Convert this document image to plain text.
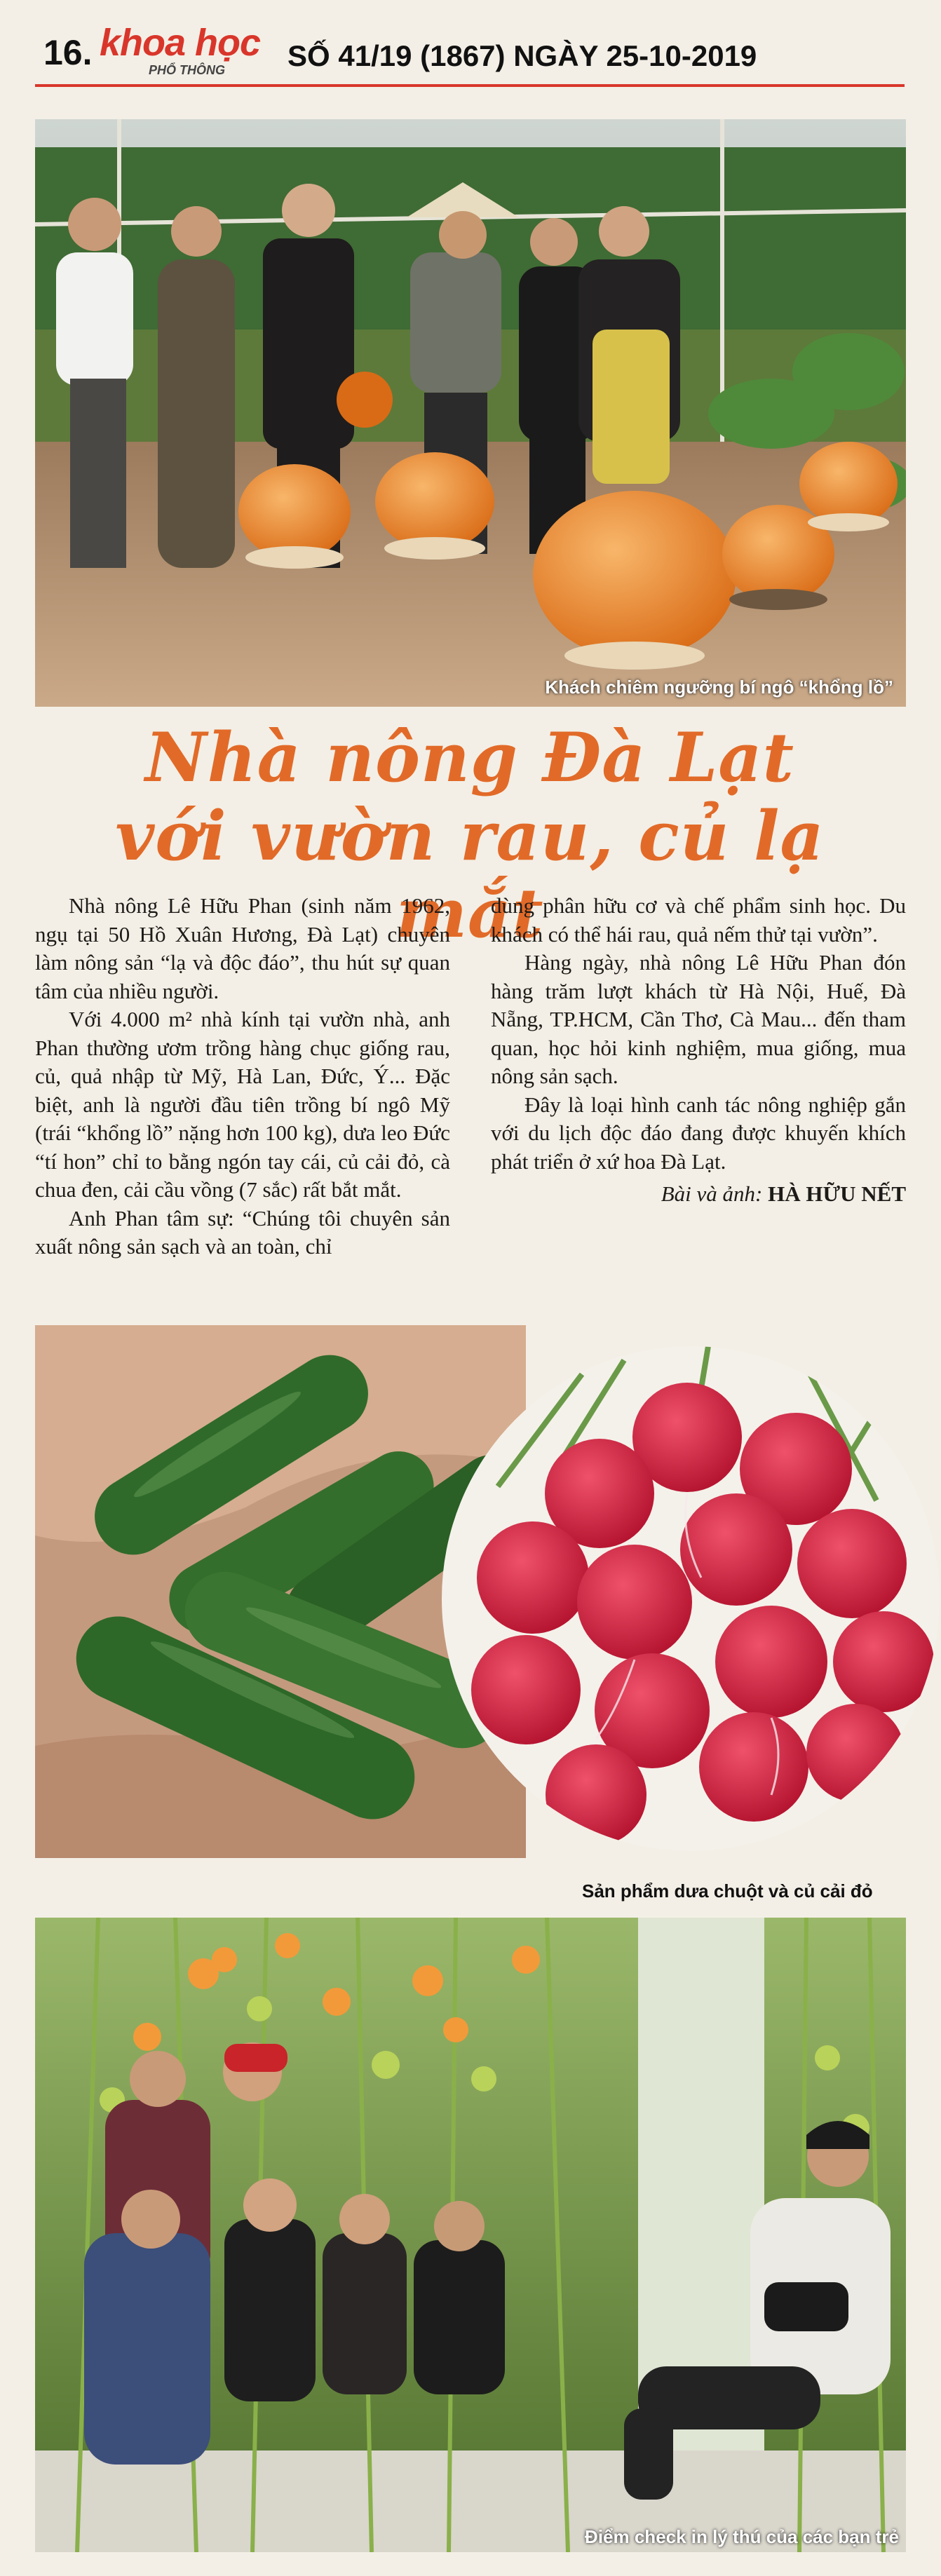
16. khoa học
PHỔ THÔNG SỐ 41/19 (1867) NGÀY 25-10-2019
Khách chiêm ngưỡng bí ngô “khổng lồ”
Nhà nông Đà Lạt
với vườn rau, củ lạ mắt

Nhà nông Lê Hữu Phan (sinh năm 1962, ngụ tại 50 Hồ Xuân Hương, Đà Lạt) chuyên làm nông sản “lạ và độc đáo”, thu hút sự quan tâm của nhiều người.

Với 4.000 m² nhà kính tại vườn nhà, anh Phan thường ươm trồng hàng chục giống rau, củ, quả nhập từ Mỹ, Hà Lan, Đức, Ý... Đặc biệt, anh là người đầu tiên trồng bí ngô Mỹ (trái “khổng lồ” nặng hơn 100 kg), dưa leo Đức “tí hon” chỉ to bằng ngón tay cái, củ cải đỏ, cà chua đen, cải cầu vồng (7 sắc) rất bắt mắt.

Anh Phan tâm sự: “Chúng tôi chuyên sản xuất nông sản sạch và an toàn, chỉ

dùng phân hữu cơ và chế phẩm sinh học. Du khách có thể hái rau, quả nếm thử tại vườn”.

Hàng ngày, nhà nông Lê Hữu Phan đón hàng trăm lượt khách từ Hà Nội, Huế, Đà Nẵng, TP.HCM, Cần Thơ, Cà Mau... đến tham quan, học hỏi kinh nghiệm, mua giống, mua nông sản sạch.

Đây là loại hình canh tác nông nghiệp gắn với du lịch độc đáo đang được khuyến khích phát triển ở xứ hoa Đà Lạt.

Bài và ảnh: HÀ HỮU NẾT
Sản phẩm dưa chuột và củ cải đỏ
Điểm check in lý thú của các bạn trẻ
